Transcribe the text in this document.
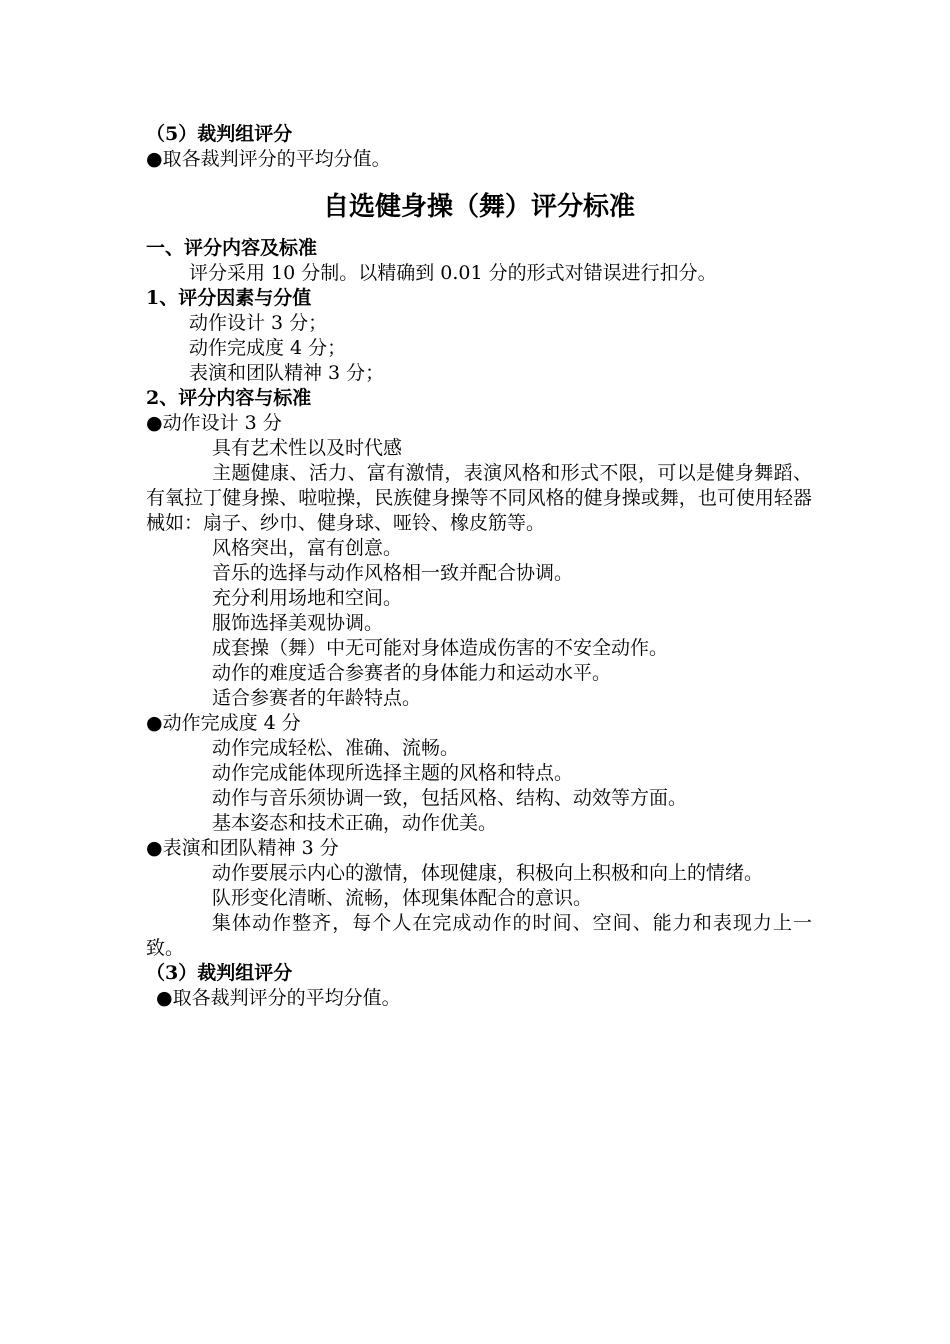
（5）裁判组评分

●取各裁判评分的平均分值。

自选健身操（舞）评分标准

一、评分内容及标准

评分采用 10 分制。以精确到 0.01 分的形式对错误进行扣分。

1、评分因素与分值

动作设计 3 分；

动作完成度 4 分；

表演和团队精神 3 分；

2、评分内容与标准

●动作设计 3 分

具有艺术性以及时代感

主题健康、活力、富有激情，表演风格和形式不限，可以是健身舞蹈、有氧拉丁健身操、啦啦操，民族健身操等不同风格的健身操或舞，也可使用轻器械如：扇子、纱巾、健身球、哑铃、橡皮筋等。

风格突出，富有创意。

音乐的选择与动作风格相一致并配合协调。

充分利用场地和空间。

服饰选择美观协调。

成套操（舞）中无可能对身体造成伤害的不安全动作。

动作的难度适合参赛者的身体能力和运动水平。

适合参赛者的年龄特点。

●动作完成度 4 分

动作完成轻松、准确、流畅。

动作完成能体现所选择主题的风格和特点。

动作与音乐须协调一致，包括风格、结构、动效等方面。

基本姿态和技术正确，动作优美。

●表演和团队精神 3 分

动作要展示内心的激情，体现健康，积极向上积极和向上的情绪。

队形变化清晰、流畅，体现集体配合的意识。

集体动作整齐，每个人在完成动作的时间、空间、能力和表现力上一致。

（3）裁判组评分

●取各裁判评分的平均分值。
